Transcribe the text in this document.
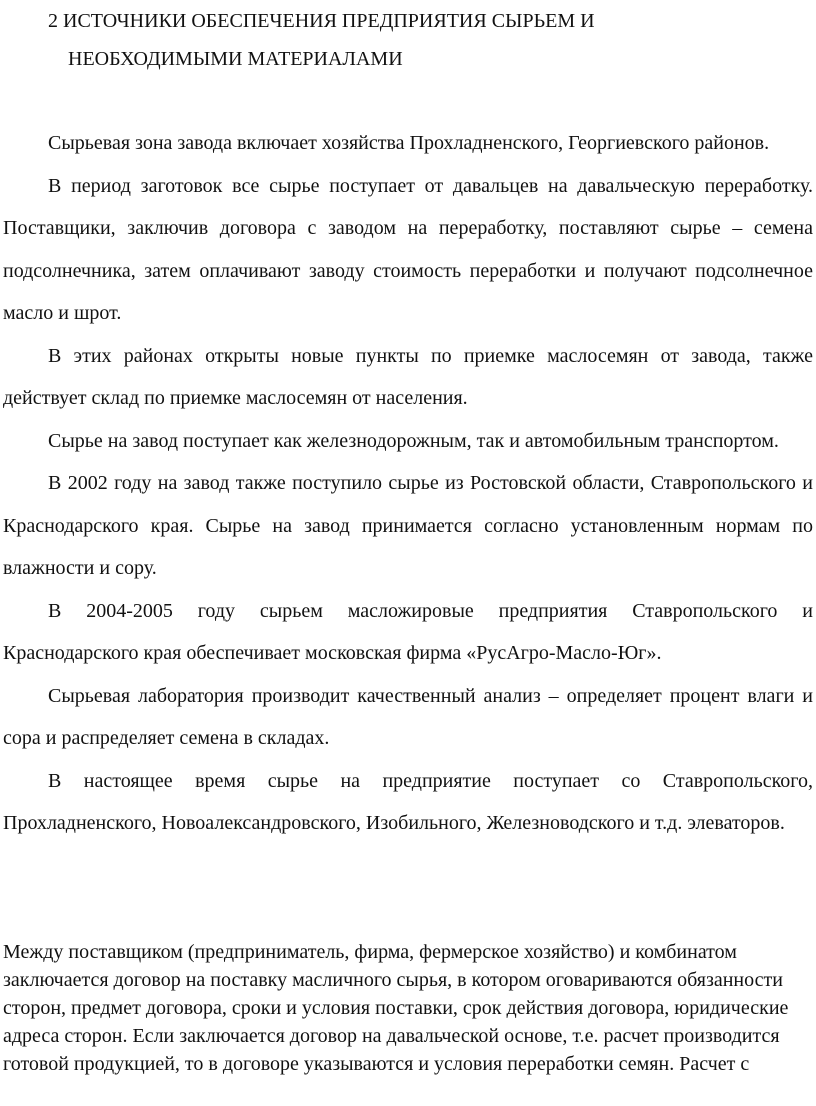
2 ИСТОЧНИКИ ОБЕСПЕЧЕНИЯ ПРЕДПРИЯТИЯ СЫРЬЕМ И
НЕОБХОДИМЫМИ МАТЕРИАЛАМИ

Сырьевая зона завода включает хозяйства Прохладненского, Георгиевского районов.

В период заготовок все сырье поступает от давальцев на давальческую переработку. Поставщики, заключив договора с заводом на переработку, поставляют сырье – семена подсолнечника, затем оплачивают заводу стоимость переработки и получают подсолнечное масло и шрот.

В этих районах открыты новые пункты по приемке маслосемян от завода, также действует склад по приемке маслосемян от населения.

Сырье на завод поступает как железнодорожным, так и автомобильным транспортом.

В 2002 году на завод также поступило сырье из Ростовской области, Ставропольского и Краснодарского края. Сырье на завод принимается согласно установленным нормам по влажности и сору.

В 2004-2005 году сырьем масложировые предприятия Ставропольского и Краснодарского края обеспечивает московская фирма «РусАгро-Масло-Юг».

Сырьевая лаборатория производит качественный анализ – определяет процент влаги и сора и распределяет семена в складах.

В настоящее время сырье на предприятие поступает со Ставропольского, Прохладненского, Новоалександровского, Изобильного, Железноводского и т.д. элеваторов.

Между поставщиком (предприниматель, фирма, фермерское хозяйство) и комбинатом заключается договор на поставку масличного сырья, в котором оговариваются обязанности сторон, предмет договора, сроки и условия поставки, срок действия договора, юридические адреса сторон. Если заключается договор на давальческой основе, т.е. расчет производится готовой продукцией, то в договоре указываются и условия переработки семян. Расчет с
